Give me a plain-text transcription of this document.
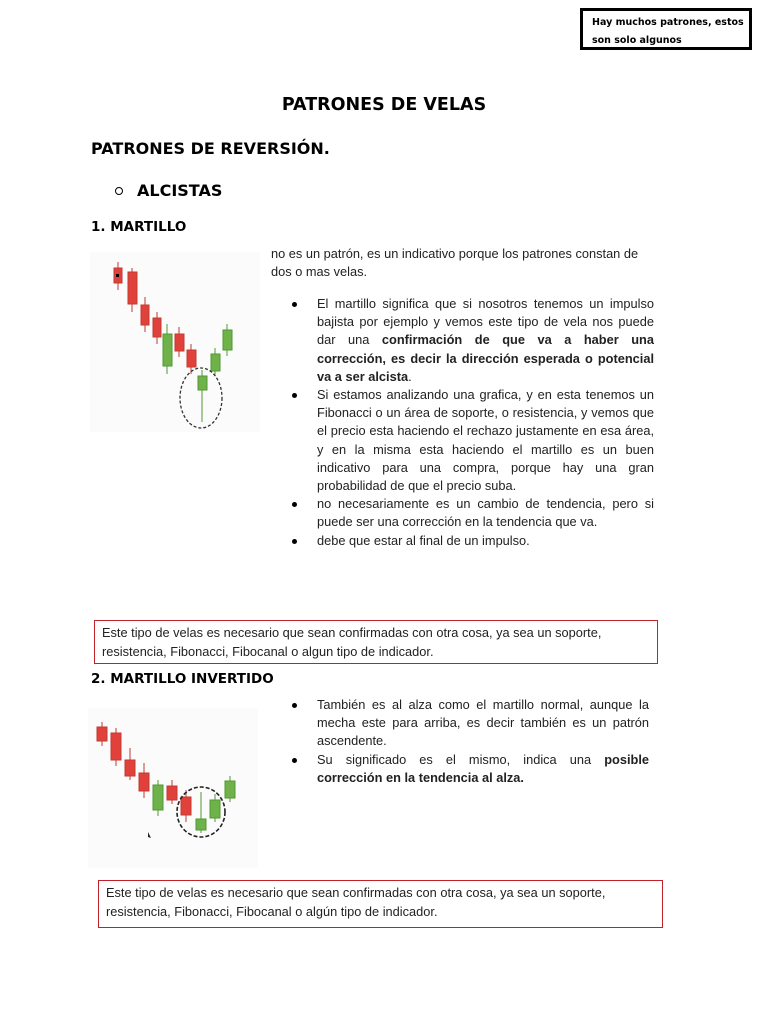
Hay muchos patrones, estos son solo algunos
PATRONES DE VELAS
PATRONES DE REVERSIÓN.
ALCISTAS
1. MARTILLO
no es un patrón, es un indicativo porque los patrones constan de dos o mas velas.
El martillo significa que si nosotros tenemos un impulso bajista por ejemplo y vemos este tipo de vela nos puede dar una confirmación de que va a haber una corrección, es decir la dirección esperada o potencial va a ser alcista.
Si estamos analizando una grafica, y en esta tenemos un Fibonacci o un área de soporte, o resistencia, y vemos que el precio esta haciendo el rechazo justamente en esa área, y en la misma esta haciendo el martillo es un buen indicativo para una compra, porque hay una gran probabilidad de que el precio suba.
no necesariamente es un cambio de tendencia, pero si puede ser una corrección en la tendencia que va.
debe que estar al final de un impulso.
Este tipo de velas es necesario que sean confirmadas con otra cosa, ya sea un soporte, resistencia, Fibonacci, Fibocanal o algun tipo de indicador.
2. MARTILLO INVERTIDO
También es al alza como el martillo normal, aunque la mecha este para arriba, es decir también es un patrón ascendente.
Su significado es el mismo, indica una posible corrección en la tendencia al alza.
Este tipo de velas es necesario que sean confirmadas con otra cosa, ya sea un soporte, resistencia, Fibonacci, Fibocanal o algún tipo de indicador.
